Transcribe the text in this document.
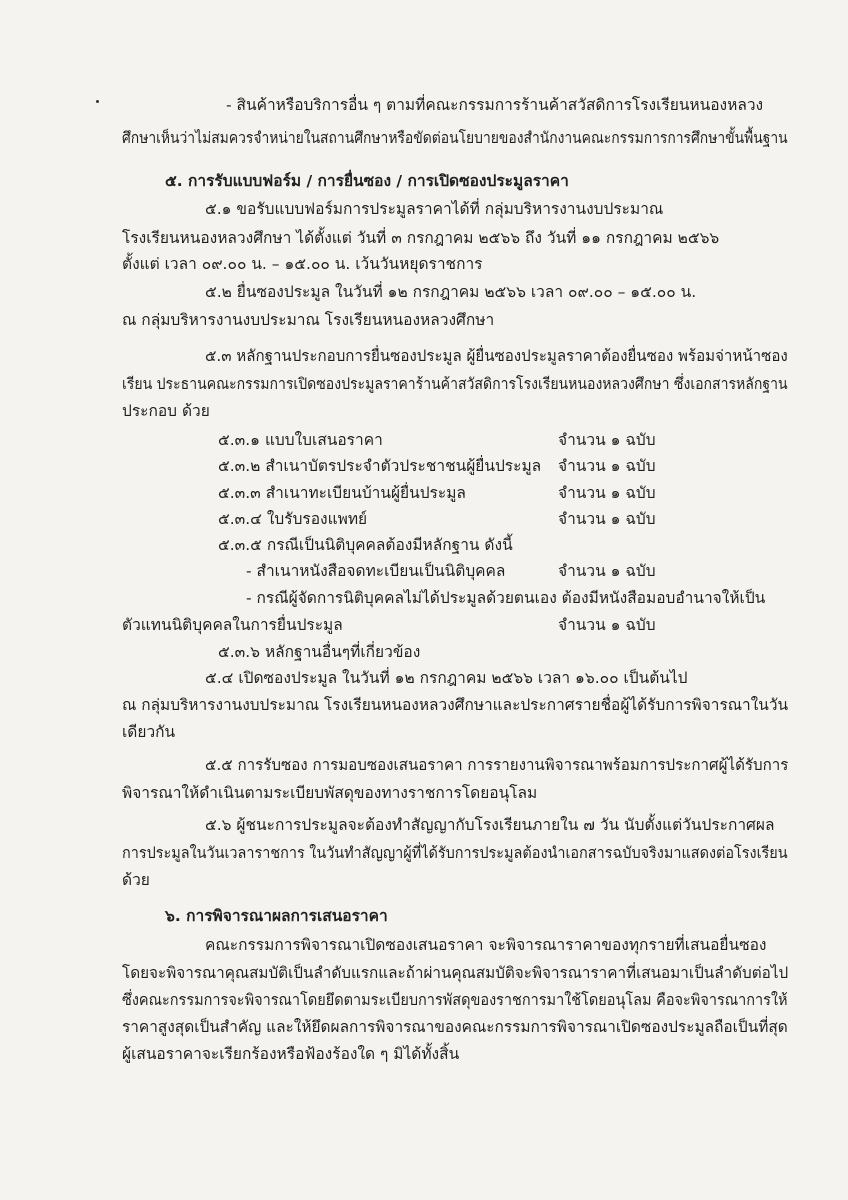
- สินค้าหรือบริการอื่น ๆ ตามที่คณะกรรมการร้านค้าสวัสดิการโรงเรียนหนองหลวง
ศึกษาเห็นว่าไม่สมควรจำหน่ายในสถานศึกษาหรือขัดต่อนโยบายของสำนักงานคณะกรรมการการศึกษาขั้นพื้นฐาน
๕. การรับแบบฟอร์ม / การยื่นซอง / การเปิดซองประมูลราคา
๕.๑ ขอรับแบบฟอร์มการประมูลราคาได้ที่ กลุ่มบริหารงานงบประมาณ
โรงเรียนหนองหลวงศึกษา ได้ตั้งแต่ วันที่ ๓ กรกฎาคม ๒๕๖๖ ถึง วันที่ ๑๑ กรกฎาคม ๒๕๖๖
ตั้งแต่ เวลา ๐๙.๐๐ น. – ๑๕.๐๐ น. เว้นวันหยุดราชการ
๕.๒ ยื่นซองประมูล ในวันที่ ๑๒ กรกฎาคม ๒๕๖๖ เวลา ๐๙.๐๐ – ๑๕.๐๐ น.
ณ กลุ่มบริหารงานงบประมาณ โรงเรียนหนองหลวงศึกษา
๕.๓ หลักฐานประกอบการยื่นซองประมูล ผู้ยื่นซองประมูลราคาต้องยื่นซอง พร้อมจ่าหน้าซอง
เรียน ประธานคณะกรรมการเปิดซองประมูลราคาร้านค้าสวัสดิการโรงเรียนหนองหลวงศึกษา ซึ่งเอกสารหลักฐาน
ประกอบ ด้วย
๕.๓.๑ แบบใบเสนอราคา	จำนวน ๑ ฉบับ
๕.๓.๒ สำเนาบัตรประจำตัวประชาชนผู้ยื่นประมูล จำนวน ๑ ฉบับ
๕.๓.๓ สำเนาทะเบียนบ้านผู้ยื่นประมูล	จำนวน ๑ ฉบับ
๕.๓.๔ ใบรับรองแพทย์	จำนวน ๑ ฉบับ
๕.๓.๕ กรณีเป็นนิติบุคคลต้องมีหลักฐาน ดังนี้
- สำเนาหนังสือจดทะเบียนเป็นนิติบุคคล	จำนวน ๑ ฉบับ
- กรณีผู้จัดการนิติบุคคลไม่ได้ประมูลด้วยตนเอง ต้องมีหนังสือมอบอำนาจให้เป็น
ตัวแทนนิติบุคคลในการยื่นประมูล	จำนวน ๑ ฉบับ
๕.๓.๖ หลักฐานอื่นๆที่เกี่ยวข้อง
๕.๔ เปิดซองประมูล ในวันที่ ๑๒ กรกฎาคม ๒๕๖๖ เวลา ๑๖.๐๐ เป็นต้นไป
ณ กลุ่มบริหารงานงบประมาณ โรงเรียนหนองหลวงศึกษาและประกาศรายชื่อผู้ได้รับการพิจารณาในวัน
เดียวกัน
๕.๕ การรับซอง การมอบซองเสนอราคา การรายงานพิจารณาพร้อมการประกาศผู้ได้รับการ
พิจารณาให้ดำเนินตามระเบียบพัสดุของทางราชการโดยอนุโลม
๕.๖ ผู้ชนะการประมูลจะต้องทำสัญญากับโรงเรียนภายใน ๗ วัน นับตั้งแต่วันประกาศผล
การประมูลในวันเวลาราชการ ในวันทำสัญญาผู้ที่ได้รับการประมูลต้องนำเอกสารฉบับจริงมาแสดงต่อโรงเรียน
ด้วย
๖. การพิจารณาผลการเสนอราคา
คณะกรรมการพิจารณาเปิดซองเสนอราคา จะพิจารณาราคาของทุกรายที่เสนอยื่นซอง
โดยจะพิจารณาคุณสมบัติเป็นลำดับแรกและถ้าผ่านคุณสมบัติจะพิจารณาราคาที่เสนอมาเป็นลำดับต่อไป
ซึ่งคณะกรรมการจะพิจารณาโดยยึดตามระเบียบการพัสดุของราชการมาใช้โดยอนุโลม คือจะพิจารณาการให้
ราคาสูงสุดเป็นสำคัญ และให้ยึดผลการพิจารณาของคณะกรรมการพิจารณาเปิดซองประมูลถือเป็นที่สุด
ผู้เสนอราคาจะเรียกร้องหรือฟ้องร้องใด ๆ มิได้ทั้งสิ้น
